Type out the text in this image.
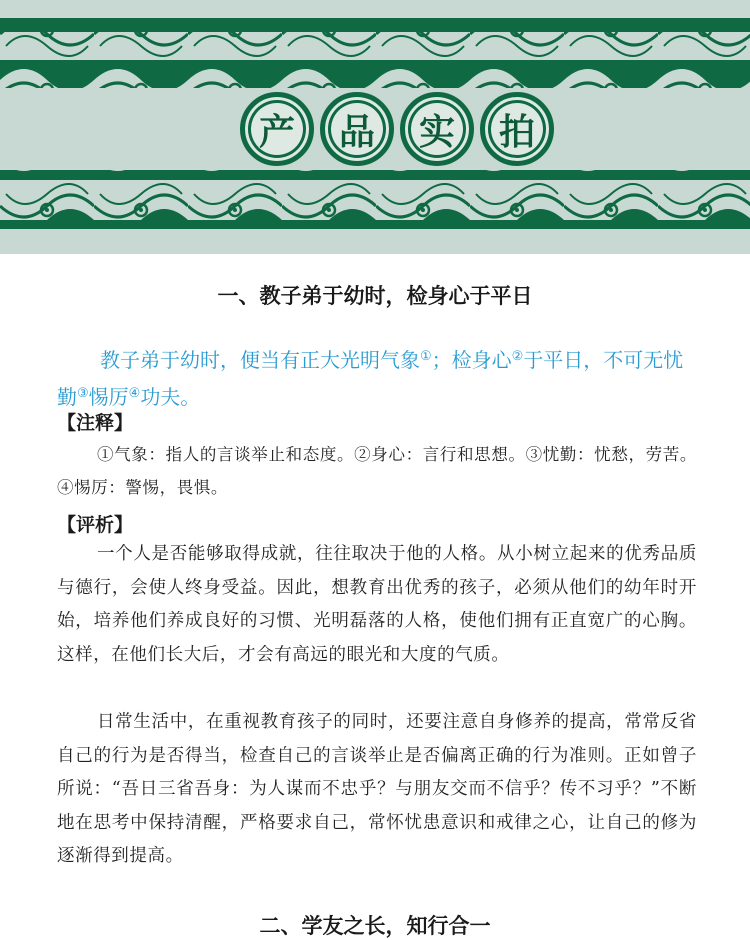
产	品	实	拍
一、教子弟于幼时，检身心于平日
教子弟于幼时，便当有正大光明气象①；检身心②于平日，不可无忧勤③惕厉④功夫。
【注释】
①气象：指人的言谈举止和态度。②身心：言行和思想。③忧勤：忧愁，劳苦。④惕厉：警惕，畏惧。
【评析】
一个人是否能够取得成就，往往取决于他的人格。从小树立起来的优秀品质与德行，会使人终身受益。因此，想教育出优秀的孩子，必须从他们的幼年时开始，培养他们养成良好的习惯、光明磊落的人格，使他们拥有正直宽广的心胸。这样，在他们长大后，才会有高远的眼光和大度的气质。
日常生活中，在重视教育孩子的同时，还要注意自身修养的提高，常常反省自己的行为是否得当，检查自己的言谈举止是否偏离正确的行为准则。正如曾子所说：“吾日三省吾身：为人谋而不忠乎？与朋友交而不信乎？传不习乎？”不断地在思考中保持清醒，严格要求自己，常怀忧患意识和戒律之心，让自己的修为逐渐得到提高。
二、学友之长，知行合一
